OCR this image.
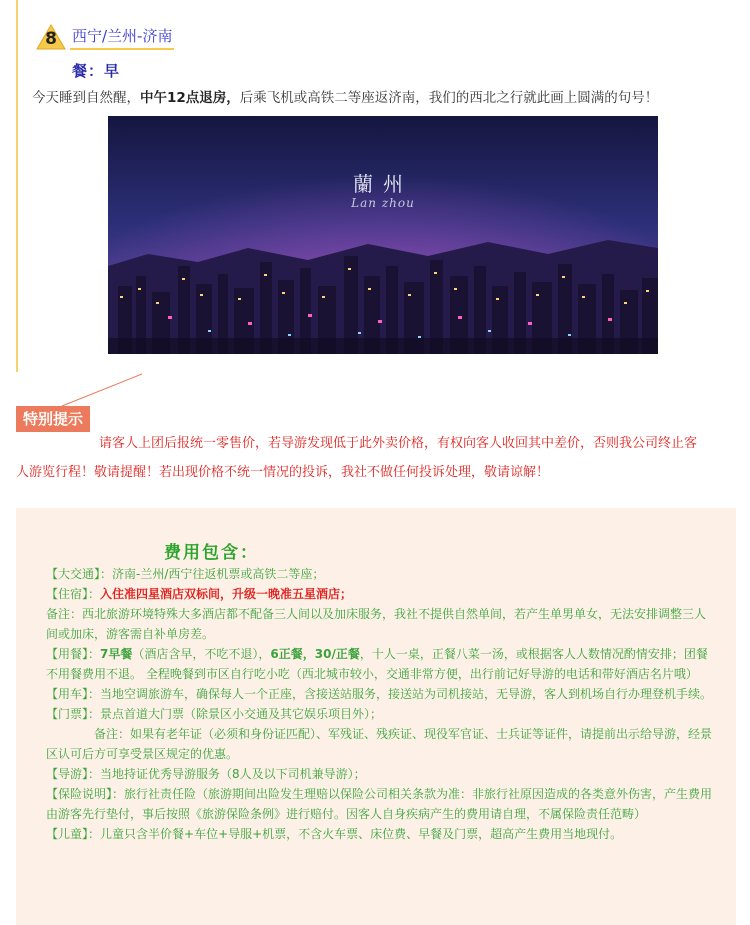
8	西宁/兰州-济南
餐：早
今天睡到自然醒，中午12点退房，后乘飞机或高铁二等座返济南，我们的西北之行就此画上圆满的句号！
蘭州
Lan zhou
特别提示
请客人上团后报统一零售价，若导游发现低于此外卖价格，有权向客人收回其中差价，否则我公司终止客
人游览行程！敬请提醒！若出现价格不统一情况的投诉，我社不做任何投诉处理，敬请谅解！
费用包含：

【大交通】：济南-兰州/西宁往返机票或高铁二等座；

【住宿】：入住准四星酒店双标间，升级一晚准五星酒店；

备注：西北旅游环境特殊大多酒店都不配备三人间以及加床服务，我社不提供自然单间，若产生单男单女，无法安排调整三人间或加床，游客需自补单房差。

【用餐】：7早餐（酒店含早，不吃不退），6正餐，30/正餐，十人一桌，正餐八菜一汤，或根据客人人数情况酌情安排；团餐不用餐费用不退。 全程晚餐到市区自行吃小吃（西北城市较小，交通非常方便，出行前记好导游的电话和带好酒店名片哦）

【用车】：当地空调旅游车，确保每人一个正座，含接送站服务，接送站为司机接站，无导游，客人到机场自行办理登机手续。

【门票】：景点首道大门票（除景区小交通及其它娱乐项目外）；

备注：如果有老年证（必须和身份证匹配）、军残证、残疾证、现役军官证、士兵证等证件，请提前出示给导游，经景区认可后方可享受景区规定的优惠。

【导游】：当地持证优秀导游服务（8人及以下司机兼导游）；

【保险说明】：旅行社责任险（旅游期间出险发生理赔以保险公司相关条款为准：非旅行社原因造成的各类意外伤害，产生费用由游客先行垫付，事后按照《旅游保险条例》进行赔付。因客人自身疾病产生的费用请自理，不属保险责任范畴）

【儿童】：儿童只含半价餐+车位+导服+机票，不含火车票、床位费、早餐及门票，超高产生费用当地现付。
